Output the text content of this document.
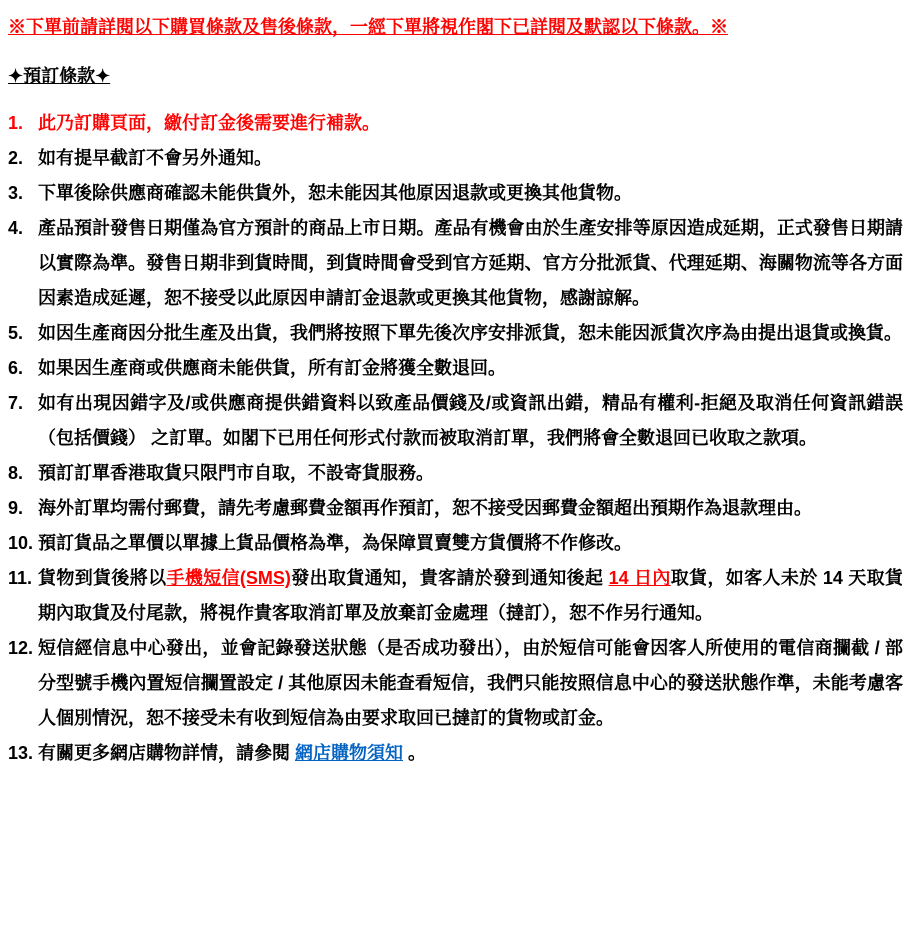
※下單前請詳閱以下購買條款及售後條款，一經下單將視作閣下已詳閱及默認以下條款。※
✦預訂條款✦
1. 此乃訂購頁面，繳付訂金後需要進行補款。
2. 如有提早截訂不會另外通知。
3. 下單後除供應商確認未能供貨外，恕未能因其他原因退款或更換其他貨物。
4. 產品預計發售日期僅為官方預計的商品上市日期。產品有機會由於生產安排等原因造成延期，正式發售日期請以實際為準。發售日期非到貨時間，到貨時間會受到官方延期、官方分批派貨、代理延期、海關物流等各方面因素造成延遲，恕不接受以此原因申請訂金退款或更換其他貨物，感謝諒解。
5. 如因生產商因分批生產及出貨，我們將按照下單先後次序安排派貨，恕未能因派貨次序為由提出退貨或換貨。
6. 如果因生產商或供應商未能供貨，所有訂金將獲全數退回。
7. 如有出現因錯字及/或供應商提供錯資料以致產品價錢及/或資訊出錯，精品有權利-拒絕及取消任何資訊錯誤（包括價錢） 之訂單。如閣下已用任何形式付款而被取消訂單，我們將會全數退回已收取之款項。
8. 預訂訂單香港取貨只限門市自取，不設寄貨服務。
9. 海外訂單均需付郵費，請先考慮郵費金額再作預訂，恕不接受因郵費金額超出預期作為退款理由。
10. 預訂貨品之單價以單據上貨品價格為準，為保障買賣雙方貨價將不作修改。
11. 貨物到貨後將以手機短信(SMS)發出取貨通知，貴客請於發到通知後起 14 日內取貨，如客人未於 14 天取貨期內取貨及付尾款，將視作貴客取消訂單及放棄訂金處理（撻訂），恕不作另行通知。
12. 短信經信息中心發出，並會記錄發送狀態（是否成功發出），由於短信可能會因客人所使用的電信商攔截 / 部分型號手機內置短信攔置設定 / 其他原因未能查看短信，我們只能按照信息中心的發送狀態作準，未能考慮客人個別情況，恕不接受未有收到短信為由要求取回已撻訂的貨物或訂金。
13. 有關更多網店購物詳情，請參閱 網店購物須知 。
